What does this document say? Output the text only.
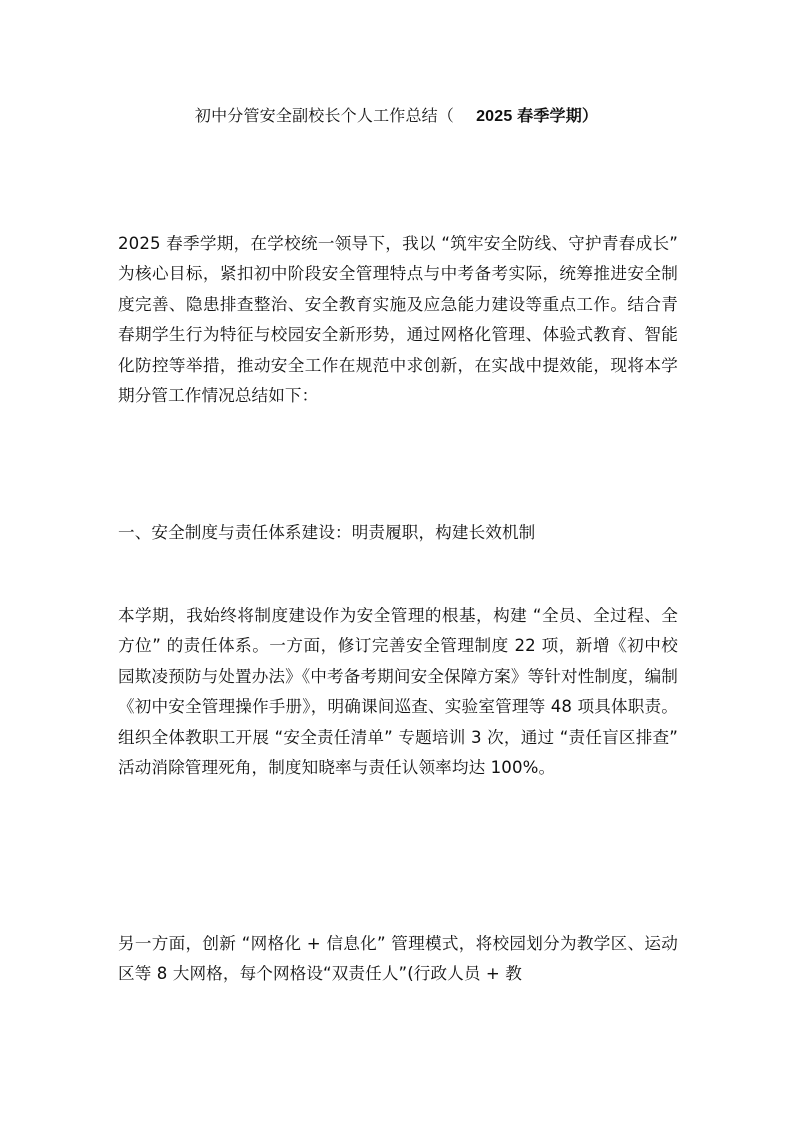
初中分管安全副校长个人工作总结（ 2025 春季学期）

2025 春季学期，在学校统一领导下，我以 “筑牢安全防线、守护青春成长” 为核心目标，紧扣初中阶段安全管理特点与中考备考实际，统筹推进安全制度完善、隐患排查整治、安全教育实施及应急能力建设等重点工作。结合青春期学生行为特征与校园安全新形势，通过网格化管理、体验式教育、智能化防控等举措，推动安全工作在规范中求创新，在实战中提效能，现将本学期分管工作情况总结如下：

一、安全制度与责任体系建设：明责履职，构建长效机制

本学期，我始终将制度建设作为安全管理的根基，构建 “全员、全过程、全方位” 的责任体系。一方面，修订完善安全管理制度 22 项，新增《初中校园欺凌预防与处置办法》《中考备考期间安全保障方案》等针对性制度，编制《初中安全管理操作手册》，明确课间巡查、实验室管理等 48 项具体职责。组织全体教职工开展 “安全责任清单” 专题培训 3 次，通过 “责任盲区排查” 活动消除管理死角，制度知晓率与责任认领率均达 100%。

另一方面，创新 “网格化 + 信息化” 管理模式，将校园划分为教学区、运动区等 8 大网格，每个网格设“双责任人”(行政人员 + 教
